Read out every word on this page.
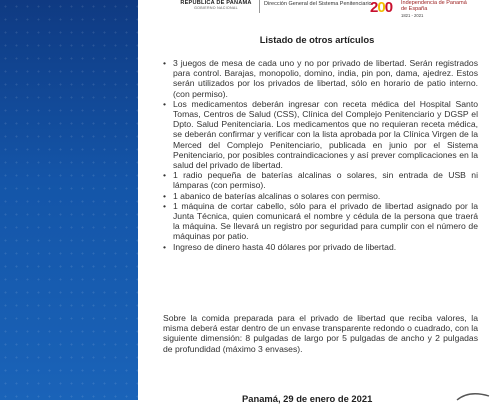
REPÚBLICA DE PANAMÁ
GOBIERNO NACIONAL
Dirección General del Sistema Penitenciario
200 Independencia de Panamá
de España
1821 - 2021
Listado de otros artículos
• 3 juegos de mesa de cada uno y no por privado de libertad. Serán registrados para control. Barajas, monopolio, domino, india, pin pon, dama, ajedrez. Estos serán utilizados por los privados de libertad, sólo en horario de patio interno. (con permiso).
• Los medicamentos deberán ingresar con receta médica del Hospital Santo Tomas, Centros de Salud (CSS), Clínica del Complejo Penitenciario y DGSP el Dpto. Salud Penitenciaria. Los medicamentos que no requieran receta médica, se deberán confirmar y verificar con la lista aprobada por la Clínica Virgen de la Merced del Complejo Penitenciario, publicada en junio por el Sistema Penitenciario, por posibles contraindicaciones y así prever complicaciones en la salud del privado de libertad.
• 1 radio pequeña de baterías alcalinas o solares, sin entrada de USB ni lámparas (con permiso).
• 1 abanico de baterías alcalinas o solares con permiso.
• 1 máquina de cortar cabello, sólo para el privado de libertad asignado por la Junta Técnica, quien comunicará el nombre y cédula de la persona que traerá la máquina. Se llevará un registro por seguridad para cumplir con el número de máquinas por patio.
• Ingreso de dinero hasta 40 dólares por privado de libertad.

Sobre la comida preparada para el privado de libertad que reciba valores, la misma deberá estar dentro de un envase transparente redondo o cuadrado, con la siguiente dimensión: 8 pulgadas de largo por 5 pulgadas de ancho y 2 pulgadas de profundidad (máximo 3 envases).

Panamá, 29 de enero de 2021
